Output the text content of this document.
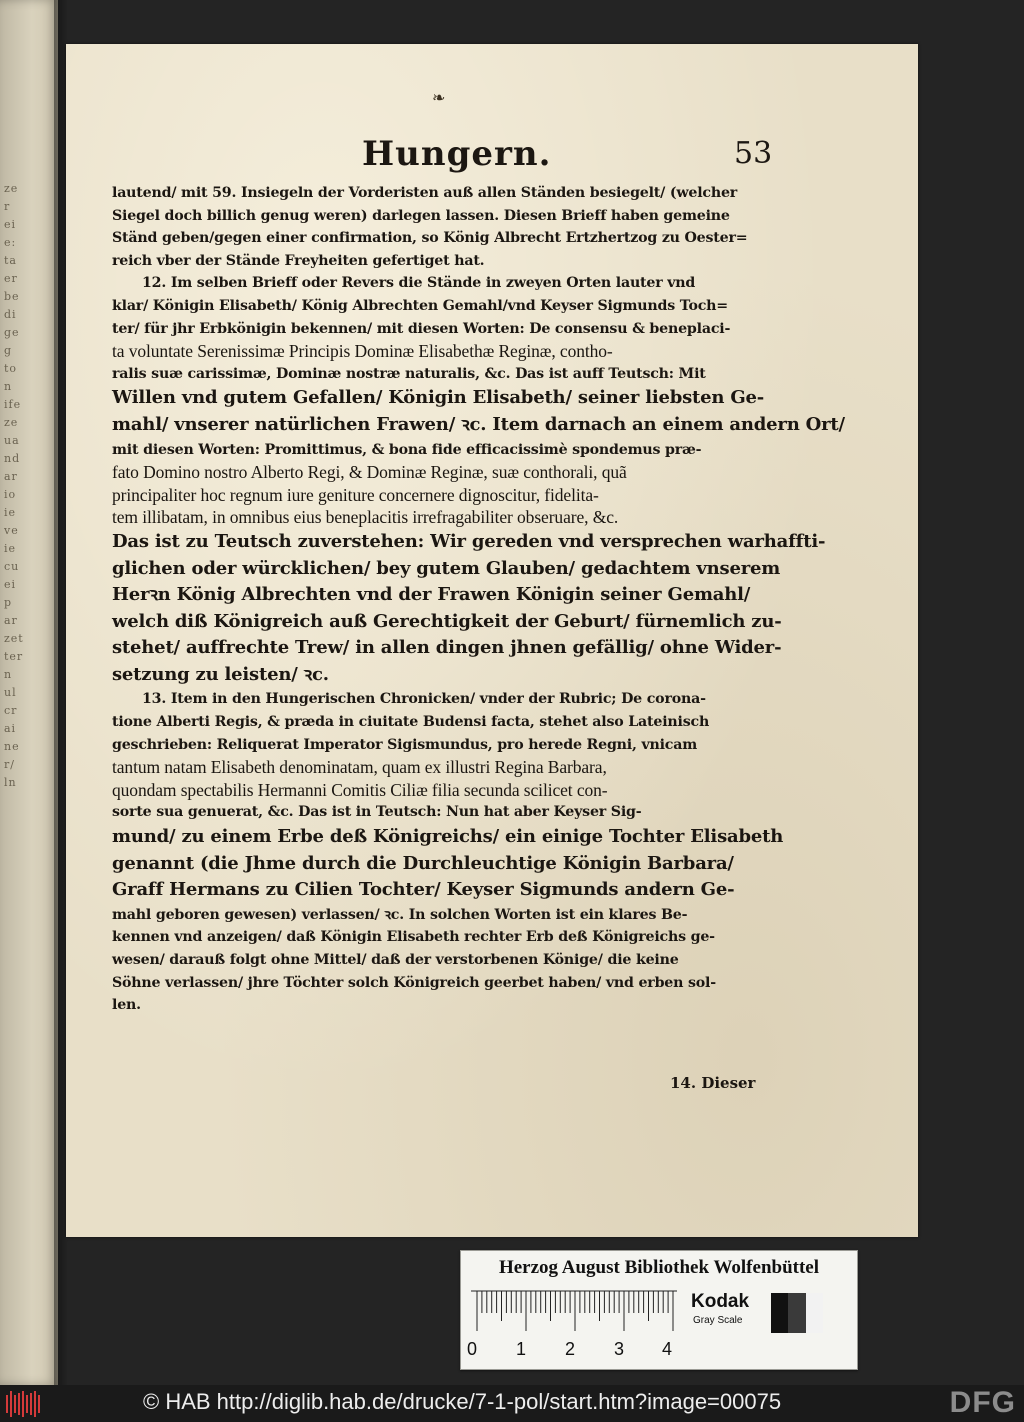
ze
r
ei
e:
ta
er
be
di
ge
g
to
n
ife
ze
ua
nd
ar
io
ie
ve
ie
cu
ei
p
ar
zet
ter
n
ul
cr
ai
ne
r/
ln
❧
Hungern.	53
lautend/ mit 59. Insiegeln der Vorderisten auß allen Ständen besiegelt/ (welcher
Siegel doch billich genug weren) darlegen lassen. Diesen Brieff haben gemeine
Ständ geben/gegen einer confirmation, so König Albrecht Ertzhertzog zu Oester=
reich vber der Stände Freyheiten gefertiget hat.
12. Im selben Brieff oder Revers die Stände in zweyen Orten lauter vnd
klar/ Königin Elisabeth/ König Albrechten Gemahl/vnd Keyser Sigmunds Toch=
ter/ für jhr Erbkönigin bekennen/ mit diesen Worten: De consensu & beneplaci-
ta voluntate Serenissimæ Principis Dominæ Elisabethæ Reginæ, contho-
ralis suæ carissimæ, Dominæ nostræ naturalis, &c. Das ist auff Teutsch: Mit
Willen vnd gutem Gefallen/ Königin Elisabeth/ seiner liebsten Ge-
mahl/ vnserer natürlichen Frawen/ ꝛc. Item darnach an einem andern Ort/
mit diesen Worten: Promittimus, & bona fide efficacissimè spondemus præ-
fato Domino nostro Alberto Regi, & Dominæ Reginæ, suæ conthorali, quã
principaliter hoc regnum iure geniture concernere dignoscitur, fidelita-
tem illibatam, in omnibus eius beneplacitis irrefragabiliter obseruare, &c.
Das ist zu Teutsch zuverstehen: Wir gereden vnd versprechen warhaffti-
glichen oder würcklichen/ bey gutem Glauben/ gedachtem vnserem
Herꝛn König Albrechten vnd der Frawen Königin seiner Gemahl/
welch diß Königreich auß Gerechtigkeit der Geburt/ fürnemlich zu-
stehet/ auffrechte Trew/ in allen dingen jhnen gefällig/ ohne Wider-
setzung zu leisten/ ꝛc.
13. Item in den Hungerischen Chronicken/ vnder der Rubric; De corona-
tione Alberti Regis, & præda in ciuitate Budensi facta, stehet also Lateinisch
geschrieben: Reliquerat Imperator Sigismundus, pro herede Regni, vnicam
tantum natam Elisabeth denominatam, quam ex illustri Regina Barbara,
quondam spectabilis Hermanni Comitis Ciliæ filia secunda scilicet con-
sorte sua genuerat, &c. Das ist in Teutsch: Nun hat aber Keyser Sig-
mund/ zu einem Erbe deß Königreichs/ ein einige Tochter Elisabeth
genannt (die Jhme durch die Durchleuchtige Königin Barbara/
Graff Hermans zu Cilien Tochter/ Keyser Sigmunds andern Ge-
mahl geboren gewesen) verlassen/ ꝛc. In solchen Worten ist ein klares Be-
kennen vnd anzeigen/ daß Königin Elisabeth rechter Erb deß Königreichs ge-
wesen/ darauß folgt ohne Mittel/ daß der verstorbenen Könige/ die keine
Söhne verlassen/ jhre Töchter solch Königreich geerbet haben/ vnd erben sol-
len.
14. Dieser
Herzog August Bibliothek Wolfenbüttel
0 1 2 3 4
Kodak
Gray Scale
© HAB http://diglib.hab.de/drucke/7-1-pol/start.htm?image=00075	DFG
